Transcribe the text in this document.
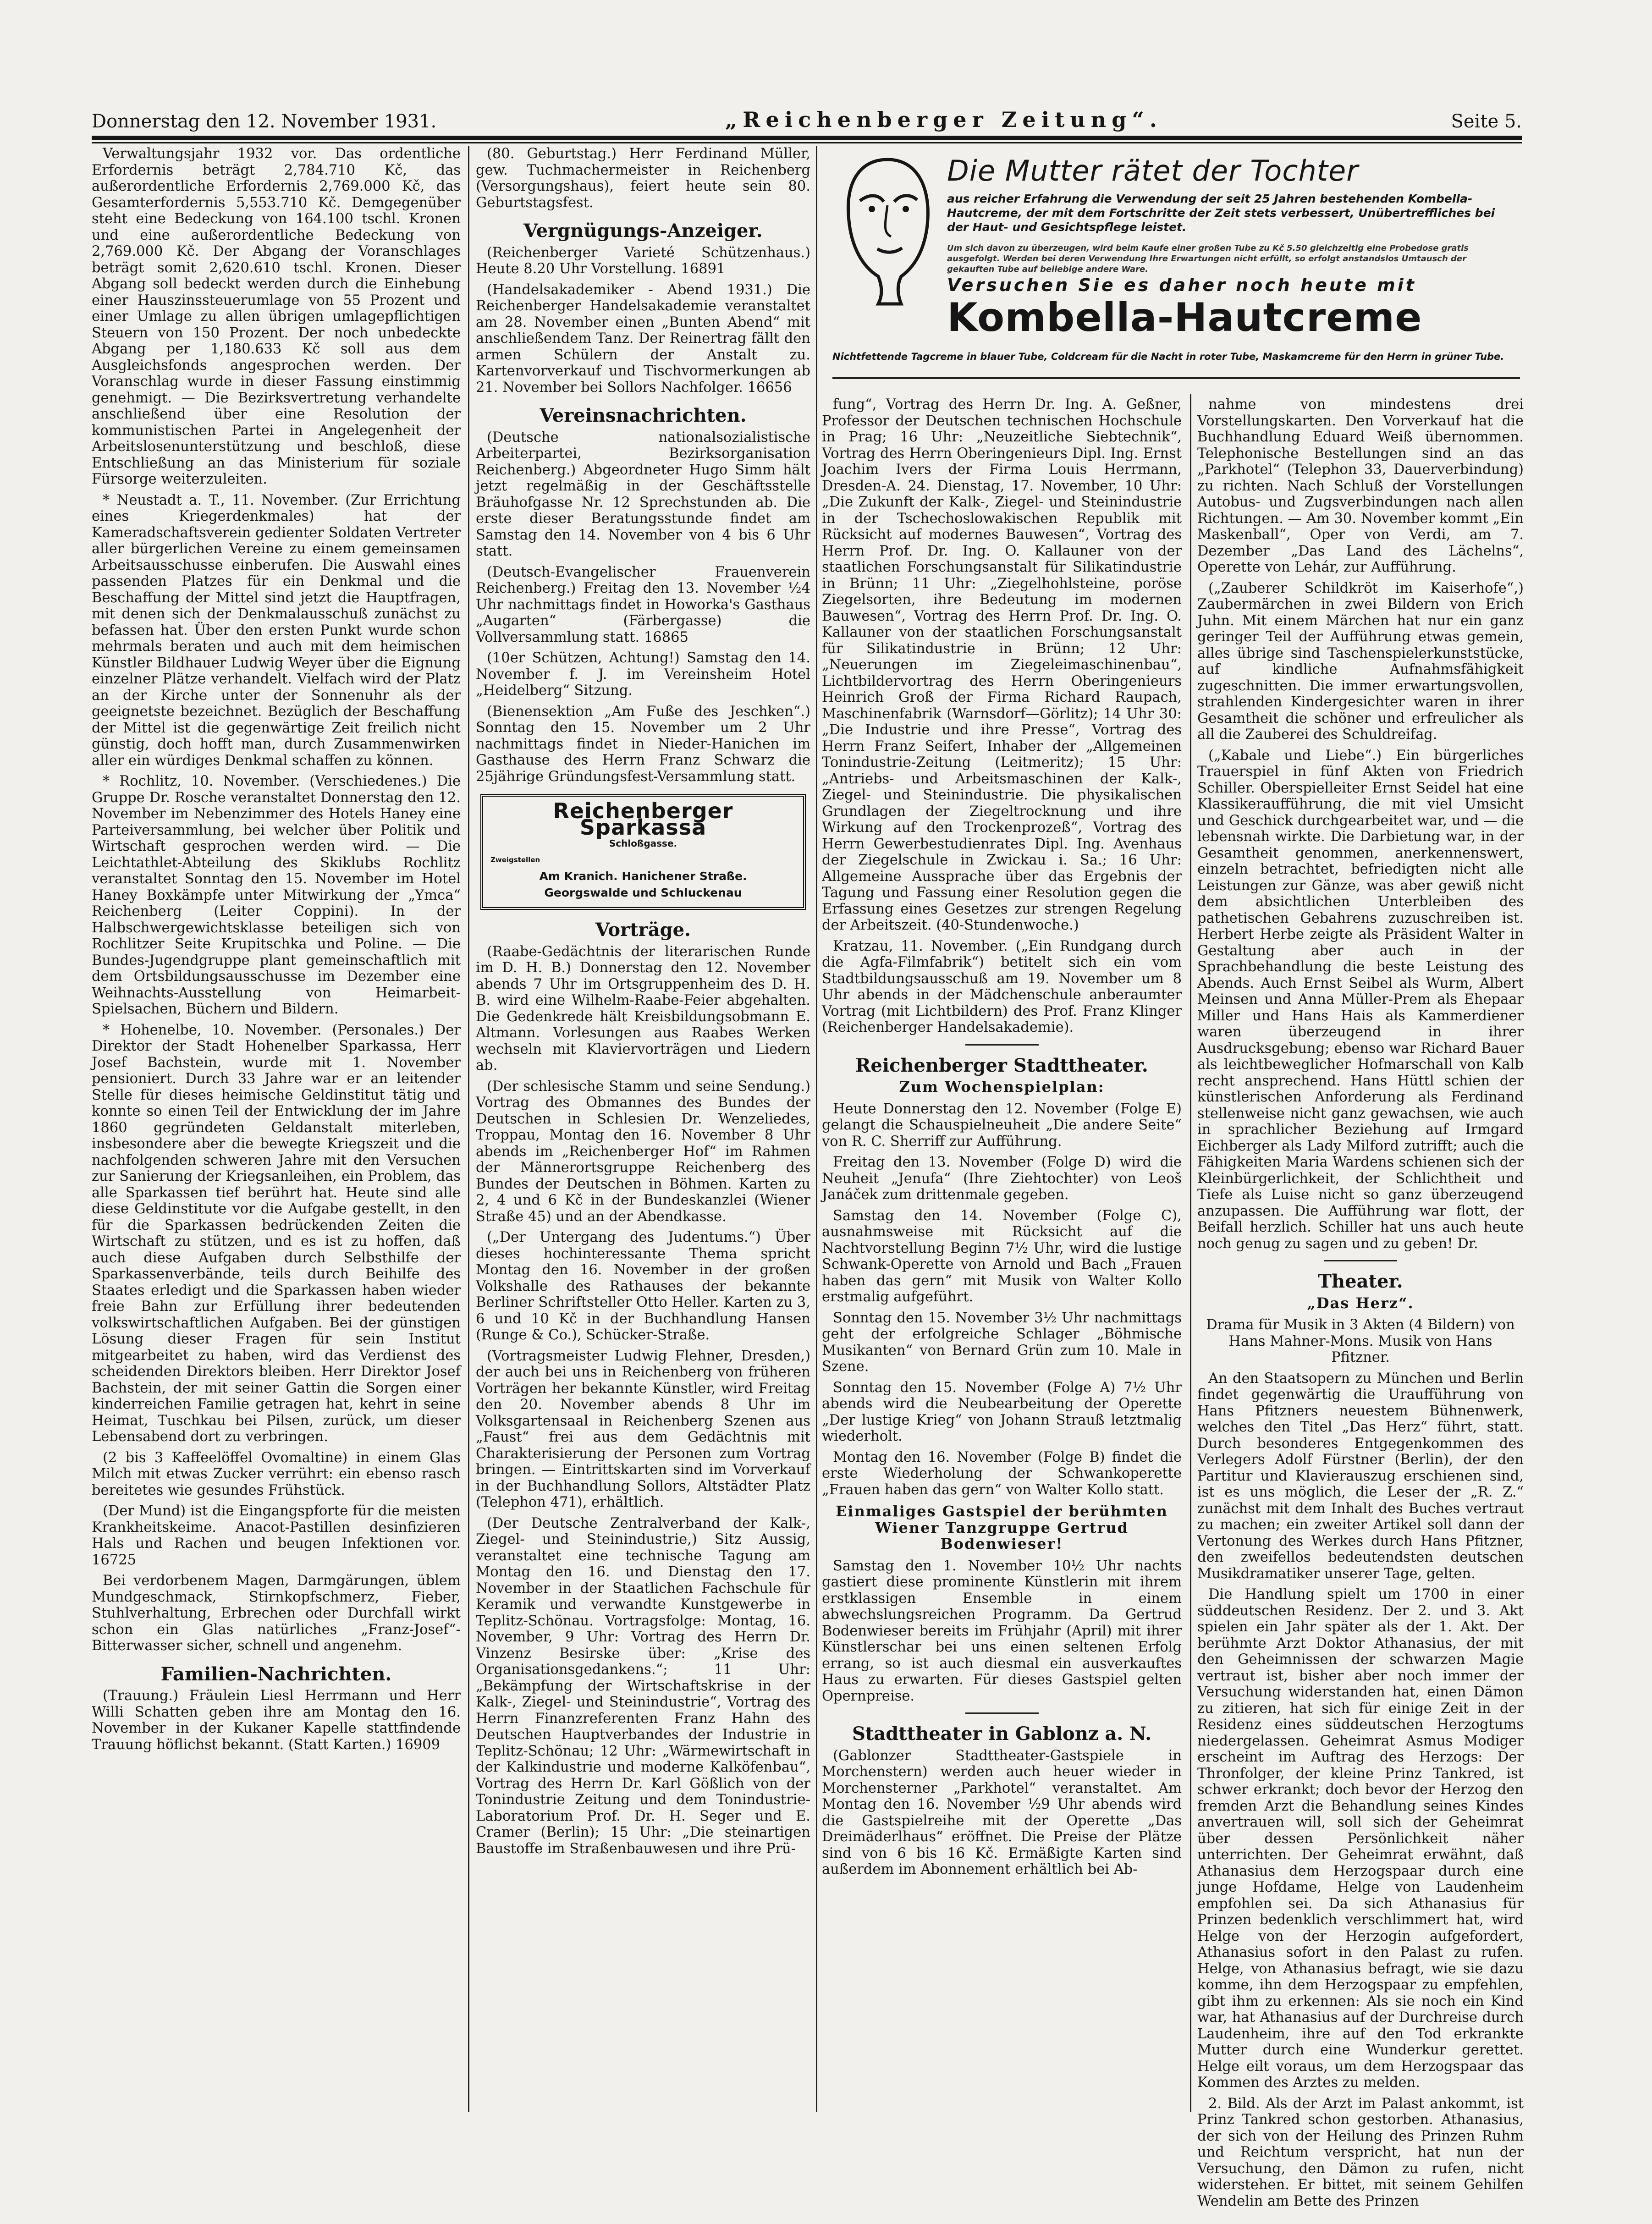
Donnerstag den 12. November 1931.	„Reichenberger Zeitung“.	Seite 5.

Verwaltungsjahr 1932 vor. Das ordentliche Erfordernis beträgt 2,784.710 Kč, das außerordentliche Erfordernis 2,769.000 Kč, das Gesamterfordernis 5,553.710 Kč. Demgegenüber steht eine Bedeckung von 164.100 tschl. Kronen und eine außerordentliche Bedeckung von 2,769.000 Kč. Der Abgang der Voranschlages beträgt somit 2,620.610 tschl. Kronen. Dieser Abgang soll bedeckt werden durch die Einhebung einer Hauszinssteuerumlage von 55 Prozent und einer Umlage zu allen übrigen umlagepflichtigen Steuern von 150 Prozent. Der noch unbedeckte Abgang per 1,180.633 Kč soll aus dem Ausgleichsfonds angesprochen werden. Der Voranschlag wurde in dieser Fassung einstimmig genehmigt. — Die Bezirksvertretung verhandelte anschließend über eine Resolution der kommunistischen Partei in Angelegenheit der Arbeitslosenunterstützung und beschloß, diese Entschließung an das Ministerium für soziale Fürsorge weiterzuleiten.

* Neustadt a. T., 11. November. (Zur Errichtung eines Kriegerdenkmales) hat der Kameradschaftsverein gedienter Soldaten Vertreter aller bürgerlichen Vereine zu einem gemeinsamen Arbeitsausschusse einberufen. Die Auswahl eines passenden Platzes für ein Denkmal und die Beschaffung der Mittel sind jetzt die Hauptfragen, mit denen sich der Denkmalausschuß zunächst zu befassen hat. Über den ersten Punkt wurde schon mehrmals beraten und auch mit dem heimischen Künstler Bildhauer Ludwig Weyer über die Eignung einzelner Plätze verhandelt. Vielfach wird der Platz an der Kirche unter der Sonnenuhr als der geeignetste bezeichnet. Bezüglich der Beschaffung der Mittel ist die gegenwärtige Zeit freilich nicht günstig, doch hofft man, durch Zusammenwirken aller ein würdiges Denkmal schaffen zu können.

* Rochlitz, 10. November. (Verschiedenes.) Die Gruppe Dr. Rosche veranstaltet Donnerstag den 12. November im Nebenzimmer des Hotels Haney eine Parteiversammlung, bei welcher über Politik und Wirtschaft gesprochen werden wird. — Die Leichtathlet-Abteilung des Skiklubs Rochlitz veranstaltet Sonntag den 15. November im Hotel Haney Boxkämpfe unter Mitwirkung der „Ymca“ Reichenberg (Leiter Coppini). In der Halbschwergewichtsklasse beteiligen sich von Rochlitzer Seite Krupitschka und Poline. — Die Bundes-Jugendgruppe plant gemeinschaftlich mit dem Ortsbildungsausschusse im Dezember eine Weihnachts-Ausstellung von Heimarbeit-Spielsachen, Büchern und Bildern.

* Hohenelbe, 10. November. (Personales.) Der Direktor der Stadt Hohenelber Sparkassa, Herr Josef Bachstein, wurde mit 1. November pensioniert. Durch 33 Jahre war er an leitender Stelle für dieses heimische Geldinstitut tätig und konnte so einen Teil der Entwicklung der im Jahre 1860 gegründeten Geldanstalt miterleben, insbesondere aber die bewegte Kriegszeit und die nachfolgenden schweren Jahre mit den Versuchen zur Sanierung der Kriegsanleihen, ein Problem, das alle Sparkassen tief berührt hat. Heute sind alle diese Geldinstitute vor die Aufgabe gestellt, in den für die Sparkassen bedrückenden Zeiten die Wirtschaft zu stützen, und es ist zu hoffen, daß auch diese Aufgaben durch Selbsthilfe der Sparkassenverbände, teils durch Beihilfe des Staates erledigt und die Sparkassen haben wieder freie Bahn zur Erfüllung ihrer bedeutenden volkswirtschaftlichen Aufgaben. Bei der günstigen Lösung dieser Fragen für sein Institut mitgearbeitet zu haben, wird das Verdienst des scheidenden Direktors bleiben. Herr Direktor Josef Bachstein, der mit seiner Gattin die Sorgen einer kinderreichen Familie getragen hat, kehrt in seine Heimat, Tuschkau bei Pilsen, zurück, um dieser Lebensabend dort zu verbringen.

(2 bis 3 Kaffeelöffel Ovomaltine) in einem Glas Milch mit etwas Zucker verrührt: ein ebenso rasch bereitetes wie gesundes Frühstück.

(Der Mund) ist die Eingangspforte für die meisten Krankheitskeime. Anacot-Pastillen desinfizieren Hals und Rachen und beugen Infektionen vor. 16725

Bei verdorbenem Magen, Darmgärungen, üblem Mundgeschmack, Stirnkopfschmerz, Fieber, Stuhlverhaltung, Erbrechen oder Durchfall wirkt schon ein Glas natürliches „Franz-Josef“-Bitterwasser sicher, schnell und angenehm.

Familien-Nachrichten.

(Trauung.) Fräulein Liesl Herrmann und Herr Willi Schatten geben ihre am Montag den 16. November in der Kukaner Kapelle stattfindende Trauung höflichst bekannt. (Statt Karten.) 16909

(80. Geburtstag.) Herr Ferdinand Müller, gew. Tuchmachermeister in Reichenberg (Versorgungshaus), feiert heute sein 80. Geburtstagsfest.

Vergnügungs-Anzeiger.

(Reichenberger Varieté Schützenhaus.) Heute 8.20 Uhr Vorstellung. 16891

(Handelsakademiker - Abend 1931.) Die Reichenberger Handelsakademie veranstaltet am 28. November einen „Bunten Abend“ mit anschließendem Tanz. Der Reinertrag fällt den armen Schülern der Anstalt zu. Kartenvorverkauf und Tischvormerkungen ab 21. November bei Sollors Nachfolger. 16656

Vereinsnachrichten.

(Deutsche nationalsozialistische Arbeiterpartei, Bezirksorganisation Reichenberg.) Abgeordneter Hugo Simm hält jetzt regelmäßig in der Geschäftsstelle Bräuhofgasse Nr. 12 Sprechstunden ab. Die erste dieser Beratungsstunde findet am Samstag den 14. November von 4 bis 6 Uhr statt.

(Deutsch-Evangelischer Frauenverein Reichenberg.) Freitag den 13. November ½4 Uhr nachmittags findet in Howorka's Gasthaus „Augarten“ (Färbergasse) die Vollversammlung statt. 16865

(10er Schützen, Achtung!) Samstag den 14. November f. J. im Vereinsheim Hotel „Heidelberg“ Sitzung.

(Bienensektion „Am Fuße des Jeschken“.) Sonntag den 15. November um 2 Uhr nachmittags findet in Nieder-Hanichen im Gasthause des Herrn Franz Schwarz die 25jährige Gründungsfest-Versammlung statt.

Reichenberger Sparkassa
Schloßgasse.
Zweigstellen
Am Kranich. Hanichener Straße.
Georgswalde und Schluckenau
Vorträge.

(Raabe-Gedächtnis der literarischen Runde im D. H. B.) Donnerstag den 12. November abends 7 Uhr im Ortsgruppenheim des D. H. B. wird eine Wilhelm-Raabe-Feier abgehalten. Die Gedenkrede hält Kreisbildungsobmann E. Altmann. Vorlesungen aus Raabes Werken wechseln mit Klaviervorträgen und Liedern ab.

(Der schlesische Stamm und seine Sendung.) Vortrag des Obmannes des Bundes der Deutschen in Schlesien Dr. Wenzeliedes, Troppau, Montag den 16. November 8 Uhr abends im „Reichenberger Hof“ im Rahmen der Männerortsgruppe Reichenberg des Bundes der Deutschen in Böhmen. Karten zu 2, 4 und 6 Kč in der Bundeskanzlei (Wiener Straße 45) und an der Abendkasse.

(„Der Untergang des Judentums.“) Über dieses hochinteressante Thema spricht Montag den 16. November in der großen Volkshalle des Rathauses der bekannte Berliner Schriftsteller Otto Heller. Karten zu 3, 6 und 10 Kč in der Buchhandlung Hansen (Runge & Co.), Schücker-Straße.

(Vortragsmeister Ludwig Flehner, Dresden,) der auch bei uns in Reichenberg von früheren Vorträgen her bekannte Künstler, wird Freitag den 20. November abends 8 Uhr im Volksgartensaal in Reichenberg Szenen aus „Faust“ frei aus dem Gedächtnis mit Charakterisierung der Personen zum Vortrag bringen. — Eintrittskarten sind im Vorverkauf in der Buchhandlung Sollors, Altstädter Platz (Telephon 471), erhältlich.

(Der Deutsche Zentralverband der Kalk-, Ziegel- und Steinindustrie,) Sitz Aussig, veranstaltet eine technische Tagung am Montag den 16. und Dienstag den 17. November in der Staatlichen Fachschule für Keramik und verwandte Kunstgewerbe in Teplitz-Schönau. Vortragsfolge: Montag, 16. November, 9 Uhr: Vortrag des Herrn Dr. Vinzenz Besirske über: „Krise des Organisationsgedankens.“; 11 Uhr: „Bekämpfung der Wirtschaftskrise in der Kalk-, Ziegel- und Steinindustrie“, Vortrag des Herrn Finanzreferenten Franz Hahn des Deutschen Hauptverbandes der Industrie in Teplitz-Schönau; 12 Uhr: „Wärmewirtschaft in der Kalkindustrie und moderne Kalköfenbau“, Vortrag des Herrn Dr. Karl Gößlich von der Tonindustrie Zeitung und dem Tonindustrie-Laboratorium Prof. Dr. H. Seger und E. Cramer (Berlin); 15 Uhr: „Die steinartigen Baustoffe im Straßenbauwesen und ihre Prü-

Die Mutter rätet der Tochter
aus reicher Erfahrung die Verwendung der seit 25 Jahren bestehenden Kombella-Hautcreme, der mit dem Fortschritte der Zeit stets verbessert, Unübertreffliches bei der Haut- und Gesichtspflege leistet.
Um sich davon zu überzeugen, wird beim Kaufe einer großen Tube zu Kč 5.50 gleichzeitig eine Probedose gratis ausgefolgt. Werden bei deren Verwendung Ihre Erwartungen nicht erfüllt, so erfolgt anstandslos Umtausch der gekauften Tube auf beliebige andere Ware.
Versuchen Sie es daher noch heute mit
Kombella-Hautcreme
Nichtfettende Tagcreme in blauer Tube, Coldcream für die Nacht in roter Tube, Maskamcreme für den Herrn in grüner Tube.

fung“, Vortrag des Herrn Dr. Ing. A. Geßner, Professor der Deutschen technischen Hochschule in Prag; 16 Uhr: „Neuzeitliche Siebtechnik“, Vortrag des Herrn Oberingenieurs Dipl. Ing. Ernst Joachim Ivers der Firma Louis Herrmann, Dresden-A. 24. Dienstag, 17. November, 10 Uhr: „Die Zukunft der Kalk-, Ziegel- und Steinindustrie in der Tschechoslowakischen Republik mit Rücksicht auf modernes Bauwesen“, Vortrag des Herrn Prof. Dr. Ing. O. Kallauner von der staatlichen Forschungsanstalt für Silikatindustrie in Brünn; 11 Uhr: „Ziegelhohlsteine, poröse Ziegelsorten, ihre Bedeutung im modernen Bauwesen“, Vortrag des Herrn Prof. Dr. Ing. O. Kallauner von der staatlichen Forschungsanstalt für Silikatindustrie in Brünn; 12 Uhr: „Neuerungen im Ziegeleimaschinenbau“, Lichtbildervortrag des Herrn Oberingenieurs Heinrich Groß der Firma Richard Raupach, Maschinenfabrik (Warnsdorf—Görlitz); 14 Uhr 30: „Die Industrie und ihre Presse“, Vortrag des Herrn Franz Seifert, Inhaber der „Allgemeinen Tonindustrie-Zeitung (Leitmeritz); 15 Uhr: „Antriebs- und Arbeitsmaschinen der Kalk-, Ziegel- und Steinindustrie. Die physikalischen Grundlagen der Ziegeltrocknung und ihre Wirkung auf den Trockenprozeß“, Vortrag des Herrn Gewerbestudienrates Dipl. Ing. Avenhaus der Ziegelschule in Zwickau i. Sa.; 16 Uhr: Allgemeine Aussprache über das Ergebnis der Tagung und Fassung einer Resolution gegen die Erfassung eines Gesetzes zur strengen Regelung der Arbeitszeit. (40-Stundenwoche.)

Kratzau, 11. November. („Ein Rundgang durch die Agfa-Filmfabrik“) betitelt sich ein vom Stadtbildungsausschuß am 19. November um 8 Uhr abends in der Mädchenschule anberaumter Vortrag (mit Lichtbildern) des Prof. Franz Klinger (Reichenberger Handelsakademie).

Reichenberger Stadttheater.
Zum Wochenspielplan:

Heute Donnerstag den 12. November (Folge E) gelangt die Schauspielneuheit „Die andere Seite“ von R. C. Sherriff zur Aufführung.

Freitag den 13. November (Folge D) wird die Neuheit „Jenufa“ (Ihre Ziehtochter) von Leoš Janáček zum drittenmale gegeben.

Samstag den 14. November (Folge C), ausnahmsweise mit Rücksicht auf die Nachtvorstellung Beginn 7½ Uhr, wird die lustige Schwank-Operette von Arnold und Bach „Frauen haben das gern“ mit Musik von Walter Kollo erstmalig aufgeführt.

Sonntag den 15. November 3½ Uhr nachmittags geht der erfolgreiche Schlager „Böhmische Musikanten“ von Bernard Grün zum 10. Male in Szene.

Sonntag den 15. November (Folge A) 7½ Uhr abends wird die Neubearbeitung der Operette „Der lustige Krieg“ von Johann Strauß letztmalig wiederholt.

Montag den 16. November (Folge B) findet die erste Wiederholung der Schwankoperette „Frauen haben das gern“ von Walter Kollo statt.

Einmaliges Gastspiel der berühmten Wiener Tanzgruppe Gertrud Bodenwieser!

Samstag den 1. November 10½ Uhr nachts gastiert diese prominente Künstlerin mit ihrem erstklassigen Ensemble in einem abwechslungsreichen Programm. Da Gertrud Bodenwieser bereits im Frühjahr (April) mit ihrer Künstlerschar bei uns einen seltenen Erfolg errang, so ist auch diesmal ein ausverkauftes Haus zu erwarten. Für dieses Gastspiel gelten Opernpreise.

Stadttheater in Gablonz a. N.

(Gablonzer Stadttheater-Gastspiele in Morchenstern) werden auch heuer wieder in Morchensterner „Parkhotel“ veranstaltet. Am Montag den 16. November ½9 Uhr abends wird die Gastspielreihe mit der Operette „Das Dreimäderlhaus“ eröffnet. Die Preise der Plätze sind von 6 bis 16 Kč. Ermäßigte Karten sind außerdem im Abonnement erhältlich bei Ab-

nahme von mindestens drei Vorstellungskarten. Den Vorverkauf hat die Buchhandlung Eduard Weiß übernommen. Telephonische Bestellungen sind an das „Parkhotel“ (Telephon 33, Dauerverbindung) zu richten. Nach Schluß der Vorstellungen Autobus- und Zugsverbindungen nach allen Richtungen. — Am 30. November kommt „Ein Maskenball“, Oper von Verdi, am 7. Dezember „Das Land des Lächelns“, Operette von Lehár, zur Aufführung.

(„Zauberer Schildkröt im Kaiserhofe“,) Zaubermärchen in zwei Bildern von Erich Juhn. Mit einem Märchen hat nur ein ganz geringer Teil der Aufführung etwas gemein, alles übrige sind Taschenspielerkunststücke, auf kindliche Aufnahmsfähigkeit zugeschnitten. Die immer erwartungsvollen, strahlenden Kindergesichter waren in ihrer Gesamtheit die schöner und erfreulicher als all die Zauberei des Schuldreifag.

(„Kabale und Liebe“.) Ein bürgerliches Trauerspiel in fünf Akten von Friedrich Schiller. Oberspielleiter Ernst Seidel hat eine Klassikeraufführung, die mit viel Umsicht und Geschick durchgearbeitet war, und — die lebensnah wirkte. Die Darbietung war, in der Gesamtheit genommen, anerkennenswert, einzeln betrachtet, befriedigten nicht alle Leistungen zur Gänze, was aber gewiß nicht dem absichtlichen Unterbleiben des pathetischen Gebahrens zuzuschreiben ist. Herbert Herbe zeigte als Präsident Walter in Gestaltung aber auch in der Sprachbehandlung die beste Leistung des Abends. Auch Ernst Seibel als Wurm, Albert Meinsen und Anna Müller-Prem als Ehepaar Miller und Hans Hais als Kammerdiener waren überzeugend in ihrer Ausdrucksgebung; ebenso war Richard Bauer als leichtbeweglicher Hofmarschall von Kalb recht ansprechend. Hans Hüttl schien der künstlerischen Anforderung als Ferdinand stellenweise nicht ganz gewachsen, wie auch in sprachlicher Beziehung auf Irmgard Eichberger als Lady Milford zutrifft; auch die Fähigkeiten Maria Wardens schienen sich der Kleinbürgerlichkeit, der Schlichtheit und Tiefe als Luise nicht so ganz überzeugend anzupassen. Die Aufführung war flott, der Beifall herzlich. Schiller hat uns auch heute noch genug zu sagen und zu geben! Dr.

Theater.
„Das Herz“.

Drama für Musik in 3 Akten (4 Bildern) von Hans Mahner-Mons. Musik von Hans Pfitzner.

An den Staatsopern zu München und Berlin findet gegenwärtig die Uraufführung von Hans Pfitzners neuestem Bühnenwerk, welches den Titel „Das Herz“ führt, statt. Durch besonderes Entgegenkommen des Verlegers Adolf Fürstner (Berlin), der den Partitur und Klavierauszug erschienen sind, ist es uns möglich, die Leser der „R. Z.“ zunächst mit dem Inhalt des Buches vertraut zu machen; ein zweiter Artikel soll dann der Vertonung des Werkes durch Hans Pfitzner, den zweifellos bedeutendsten deutschen Musikdramatiker unserer Tage, gelten.

Die Handlung spielt um 1700 in einer süddeutschen Residenz. Der 2. und 3. Akt spielen ein Jahr später als der 1. Akt. Der berühmte Arzt Doktor Athanasius, der mit den Geheimnissen der schwarzen Magie vertraut ist, bisher aber noch immer der Versuchung widerstanden hat, einen Dämon zu zitieren, hat sich für einige Zeit in der Residenz eines süddeutschen Herzogtums niedergelassen. Geheimrat Asmus Modiger erscheint im Auftrag des Herzogs: Der Thronfolger, der kleine Prinz Tankred, ist schwer erkrankt; doch bevor der Herzog den fremden Arzt die Behandlung seines Kindes anvertrauen will, soll sich der Geheimrat über dessen Persönlichkeit näher unterrichten. Der Geheimrat erwähnt, daß Athanasius dem Herzogspaar durch eine junge Hofdame, Helge von Laudenheim empfohlen sei. Da sich Athanasius für Prinzen bedenklich verschlimmert hat, wird Helge von der Herzogin aufgefordert, Athanasius sofort in den Palast zu rufen. Helge, von Athanasius befragt, wie sie dazu komme, ihn dem Herzogspaar zu empfehlen, gibt ihm zu erkennen: Als sie noch ein Kind war, hat Athanasius auf der Durchreise durch Laudenheim, ihre auf den Tod erkrankte Mutter durch eine Wunderkur gerettet. Helge eilt voraus, um dem Herzogspaar das Kommen des Arztes zu melden.

2. Bild. Als der Arzt im Palast ankommt, ist Prinz Tankred schon gestorben. Athanasius, der sich von der Heilung des Prinzen Ruhm und Reichtum verspricht, hat nun der Versuchung, den Dämon zu rufen, nicht widerstehen. Er bittet, mit seinem Gehilfen Wendelin am Bette des Prinzen
